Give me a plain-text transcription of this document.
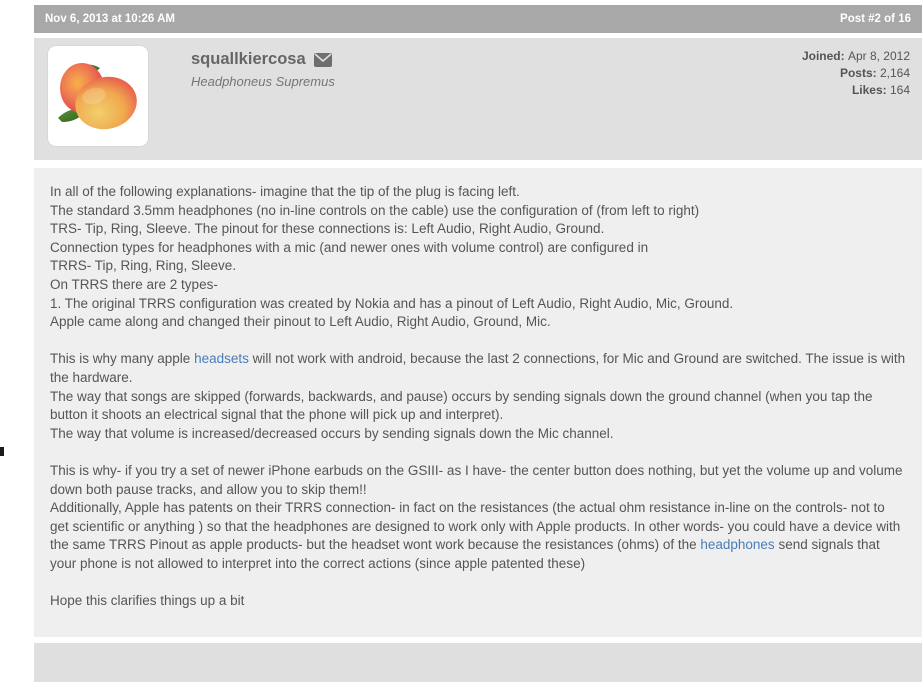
Nov 6, 2013 at 10:26 AM	Post #2 of 16
squallkiercosa
Headphoneus Supremus
Joined: Apr 8, 2012
Posts: 2,164
Likes: 164
In all of the following explanations- imagine that the tip of the plug is facing left.
The standard 3.5mm headphones (no in-line controls on the cable) use the configuration of (from left to right)
TRS- Tip, Ring, Sleeve. The pinout for these connections is: Left Audio, Right Audio, Ground.
Connection types for headphones with a mic (and newer ones with volume control) are configured in
TRRS- Tip, Ring, Ring, Sleeve.
On TRRS there are 2 types-
1. The original TRRS configuration was created by Nokia and has a pinout of Left Audio, Right Audio, Mic, Ground.
Apple came along and changed their pinout to Left Audio, Right Audio, Ground, Mic.
This is why many apple headsets will not work with android, because the last 2 connections, for Mic and Ground are switched. The issue is with the hardware.
The way that songs are skipped (forwards, backwards, and pause) occurs by sending signals down the ground channel (when you tap the button it shoots an electrical signal that the phone will pick up and interpret).
The way that volume is increased/decreased occurs by sending signals down the Mic channel.
This is why- if you try a set of newer iPhone earbuds on the GSIII- as I have- the center button does nothing, but yet the volume up and volume down both pause tracks, and allow you to skip them!!
Additionally, Apple has patents on their TRRS connection- in fact on the resistances (the actual ohm resistance in-line on the controls- not to get scientific or anything ) so that the headphones are designed to work only with Apple products. In other words- you could have a device with the same TRRS Pinout as apple products- but the headset wont work because the resistances (ohms) of the headphones send signals that your phone is not allowed to interpret into the correct actions (since apple patented these)
Hope this clarifies things up a bit
